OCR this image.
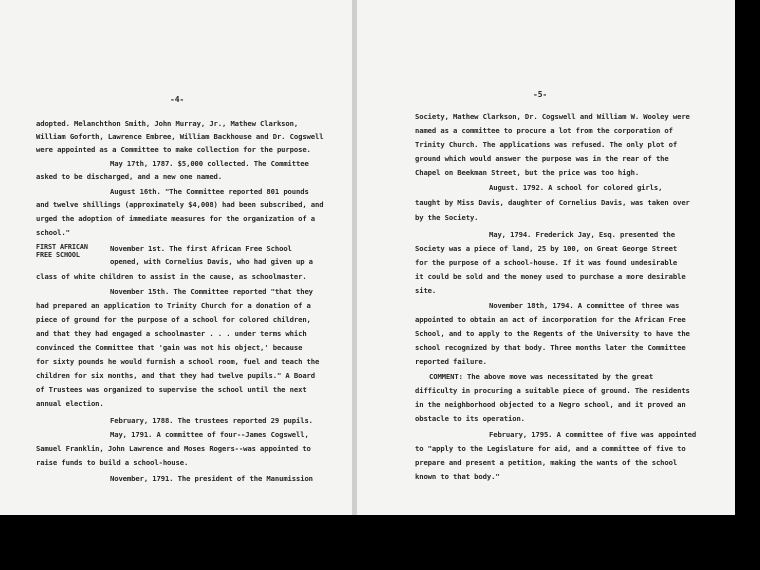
-4-
adopted. Melanchthon Smith, John Murray, Jr., Mathew Clarkson,
William Goforth, Lawrence Embree, William Backhouse and Dr. Cogswell
were appointed as a Committee to make collection for the purpose.
May 17th, 1787. $5,000 collected. The Committee
asked to be discharged, and a new one named.
August 16th. "The Committee reported 801 pounds
and twelve shillings (approximately $4,008) had been subscribed, and
urged the adoption of immediate measures for the organization of a
school."
FIRST AFRICAN
FREE SCHOOL
November 1st. The first African Free School
opened, with Cornelius Davis, who had given up a
class of white children to assist in the cause, as schoolmaster.
November 15th. The Committee reported "that they
had prepared an application to Trinity Church for a donation of a
piece of ground for the purpose of a school for colored children,
and that they had engaged a schoolmaster . . . under terms which
convinced the Committee that 'gain was not his object,' because
for sixty pounds he would furnish a school room, fuel and teach the
children for six months, and that they had twelve pupils." A Board
of Trustees was organized to supervise the school until the next
annual election.
February, 1788. The trustees reported 29 pupils.
May, 1791. A committee of four--James Cogswell,
Samuel Franklin, John Lawrence and Moses Rogers--was appointed to
raise funds to build a school-house.
November, 1791. The president of the Manumission
-5-
Society, Mathew Clarkson, Dr. Cogswell and William W. Wooley were
named as a committee to procure a lot from the corporation of
Trinity Church. The applications was refused. The only plot of
ground which would answer the purpose was in the rear of the
Chapel on Beekman Street, but the price was too high.
August. 1792. A school for colored girls,
taught by Miss Davis, daughter of Cornelius Davis, was taken over
by the Society.
May, 1794. Frederick Jay, Esq. presented the
Society was a piece of land, 25 by 100, on Great George Street
for the purpose of a school-house. If it was found undesirable
it could be sold and the money used to purchase a more desirable
site.
November 18th, 1794. A committee of three was
appointed to obtain an act of incorporation for the African Free
School, and to apply to the Regents of the University to have the
school recognized by that body. Three months later the Committee
reported failure.
COMMENT: The above move was necessitated by the great
difficulty in procuring a suitable piece of ground. The residents
in the neighborhood objected to a Negro school, and it proved an
obstacle to its operation.
February, 1795. A committee of five was appointed
to "apply to the Legislature for aid, and a committee of five to
prepare and present a petition, making the wants of the school
known to that body."
